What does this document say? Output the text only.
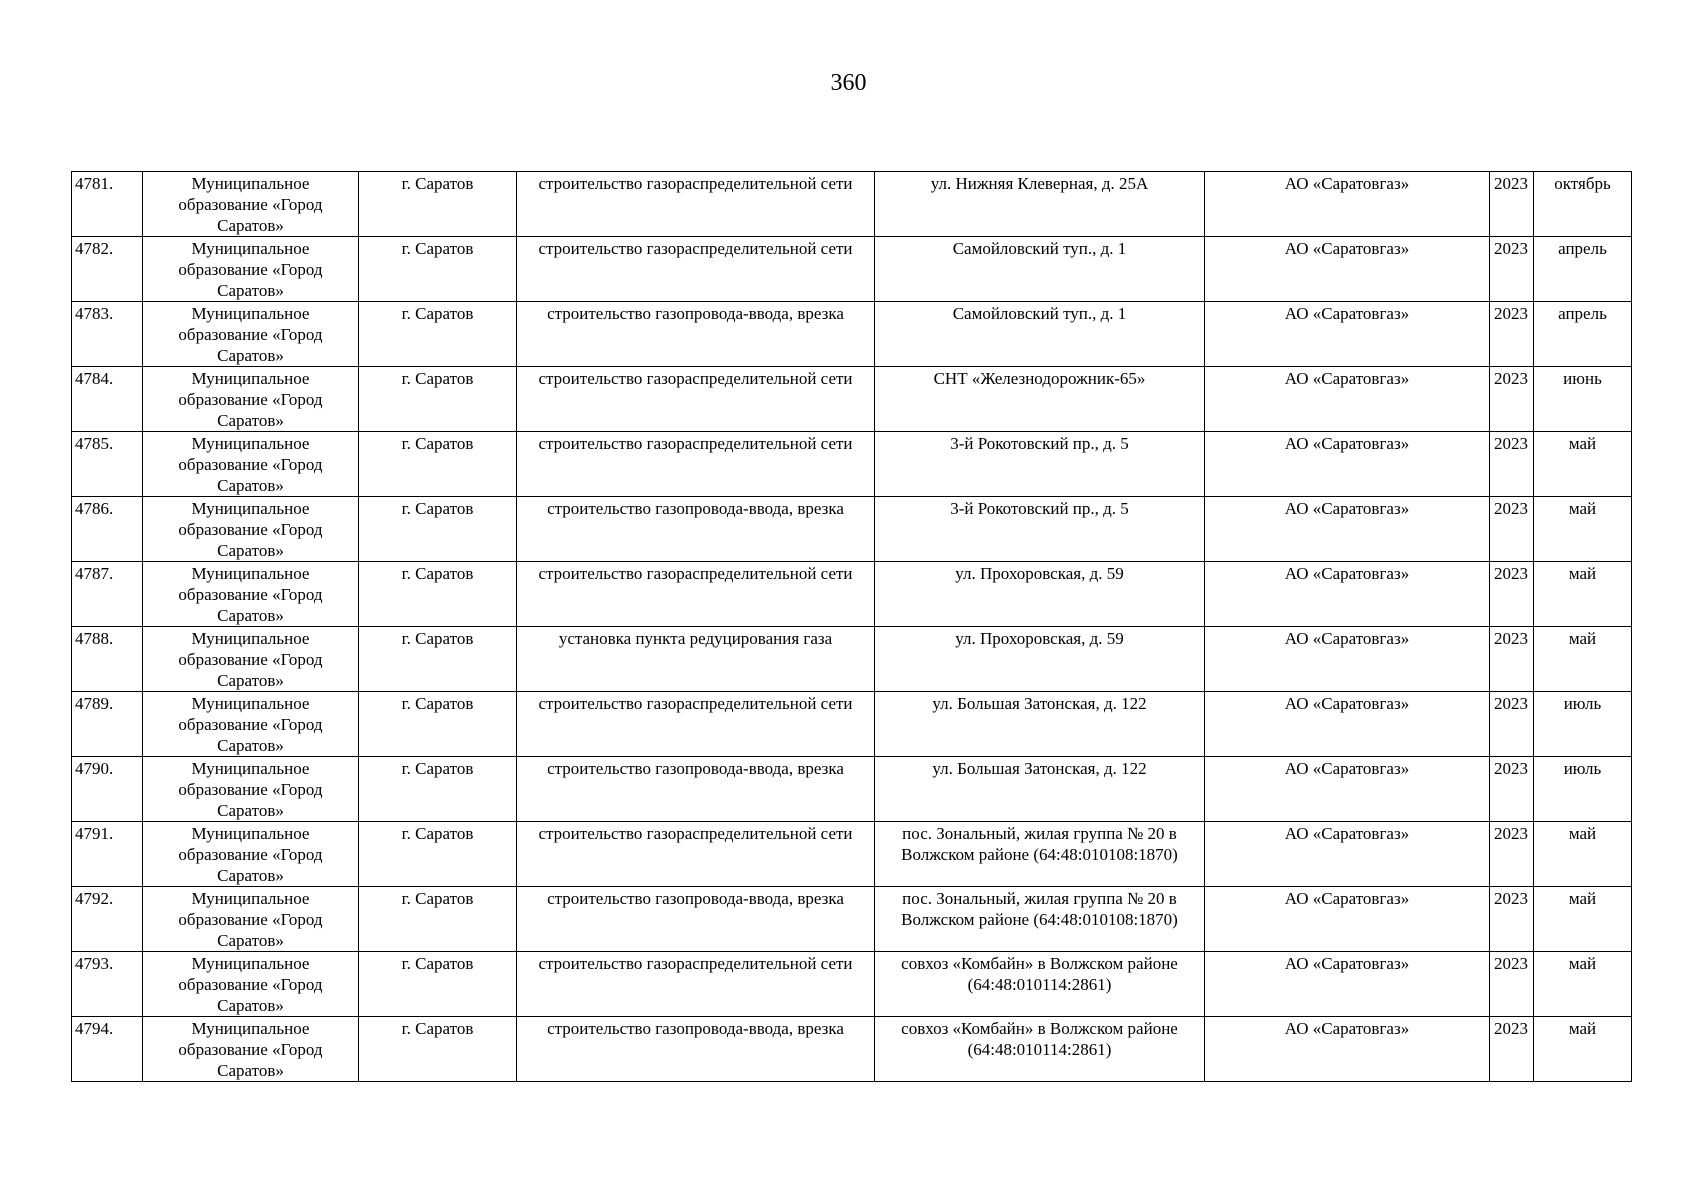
360
4781.	Муниципальное образование «Город Саратов»	г. Саратов	строительство газораспределительной сети	ул. Нижняя Клеверная, д. 25А	АО «Саратовгаз»	2023	октябрь
4782.	Муниципальное образование «Город Саратов»	г. Саратов	строительство газораспределительной сети	Самойловский туп., д. 1	АО «Саратовгаз»	2023	апрель
4783.	Муниципальное образование «Город Саратов»	г. Саратов	строительство газопровода-ввода, врезка	Самойловский туп., д. 1	АО «Саратовгаз»	2023	апрель
4784.	Муниципальное образование «Город Саратов»	г. Саратов	строительство газораспределительной сети	СНТ «Железнодорожник-65»	АО «Саратовгаз»	2023	июнь
4785.	Муниципальное образование «Город Саратов»	г. Саратов	строительство газораспределительной сети	3-й Рокотовский пр., д. 5	АО «Саратовгаз»	2023	май
4786.	Муниципальное образование «Город Саратов»	г. Саратов	строительство газопровода-ввода, врезка	3-й Рокотовский пр., д. 5	АО «Саратовгаз»	2023	май
4787.	Муниципальное образование «Город Саратов»	г. Саратов	строительство газораспределительной сети	ул. Прохоровская, д. 59	АО «Саратовгаз»	2023	май
4788.	Муниципальное образование «Город Саратов»	г. Саратов	установка пункта редуцирования газа	ул. Прохоровская, д. 59	АО «Саратовгаз»	2023	май
4789.	Муниципальное образование «Город Саратов»	г. Саратов	строительство газораспределительной сети	ул. Большая Затонская, д. 122	АО «Саратовгаз»	2023	июль
4790.	Муниципальное образование «Город Саратов»	г. Саратов	строительство газопровода-ввода, врезка	ул. Большая Затонская, д. 122	АО «Саратовгаз»	2023	июль
4791.	Муниципальное образование «Город Саратов»	г. Саратов	строительство газораспределительной сети	пос. Зональный, жилая группа № 20 в Волжском районе (64:48:010108:1870)	АО «Саратовгаз»	2023	май
4792.	Муниципальное образование «Город Саратов»	г. Саратов	строительство газопровода-ввода, врезка	пос. Зональный, жилая группа № 20 в Волжском районе (64:48:010108:1870)	АО «Саратовгаз»	2023	май
4793.	Муниципальное образование «Город Саратов»	г. Саратов	строительство газораспределительной сети	совхоз «Комбайн» в Волжском районе (64:48:010114:2861)	АО «Саратовгаз»	2023	май
4794.	Муниципальное образование «Город Саратов»	г. Саратов	строительство газопровода-ввода, врезка	совхоз «Комбайн» в Волжском районе (64:48:010114:2861)	АО «Саратовгаз»	2023	май
